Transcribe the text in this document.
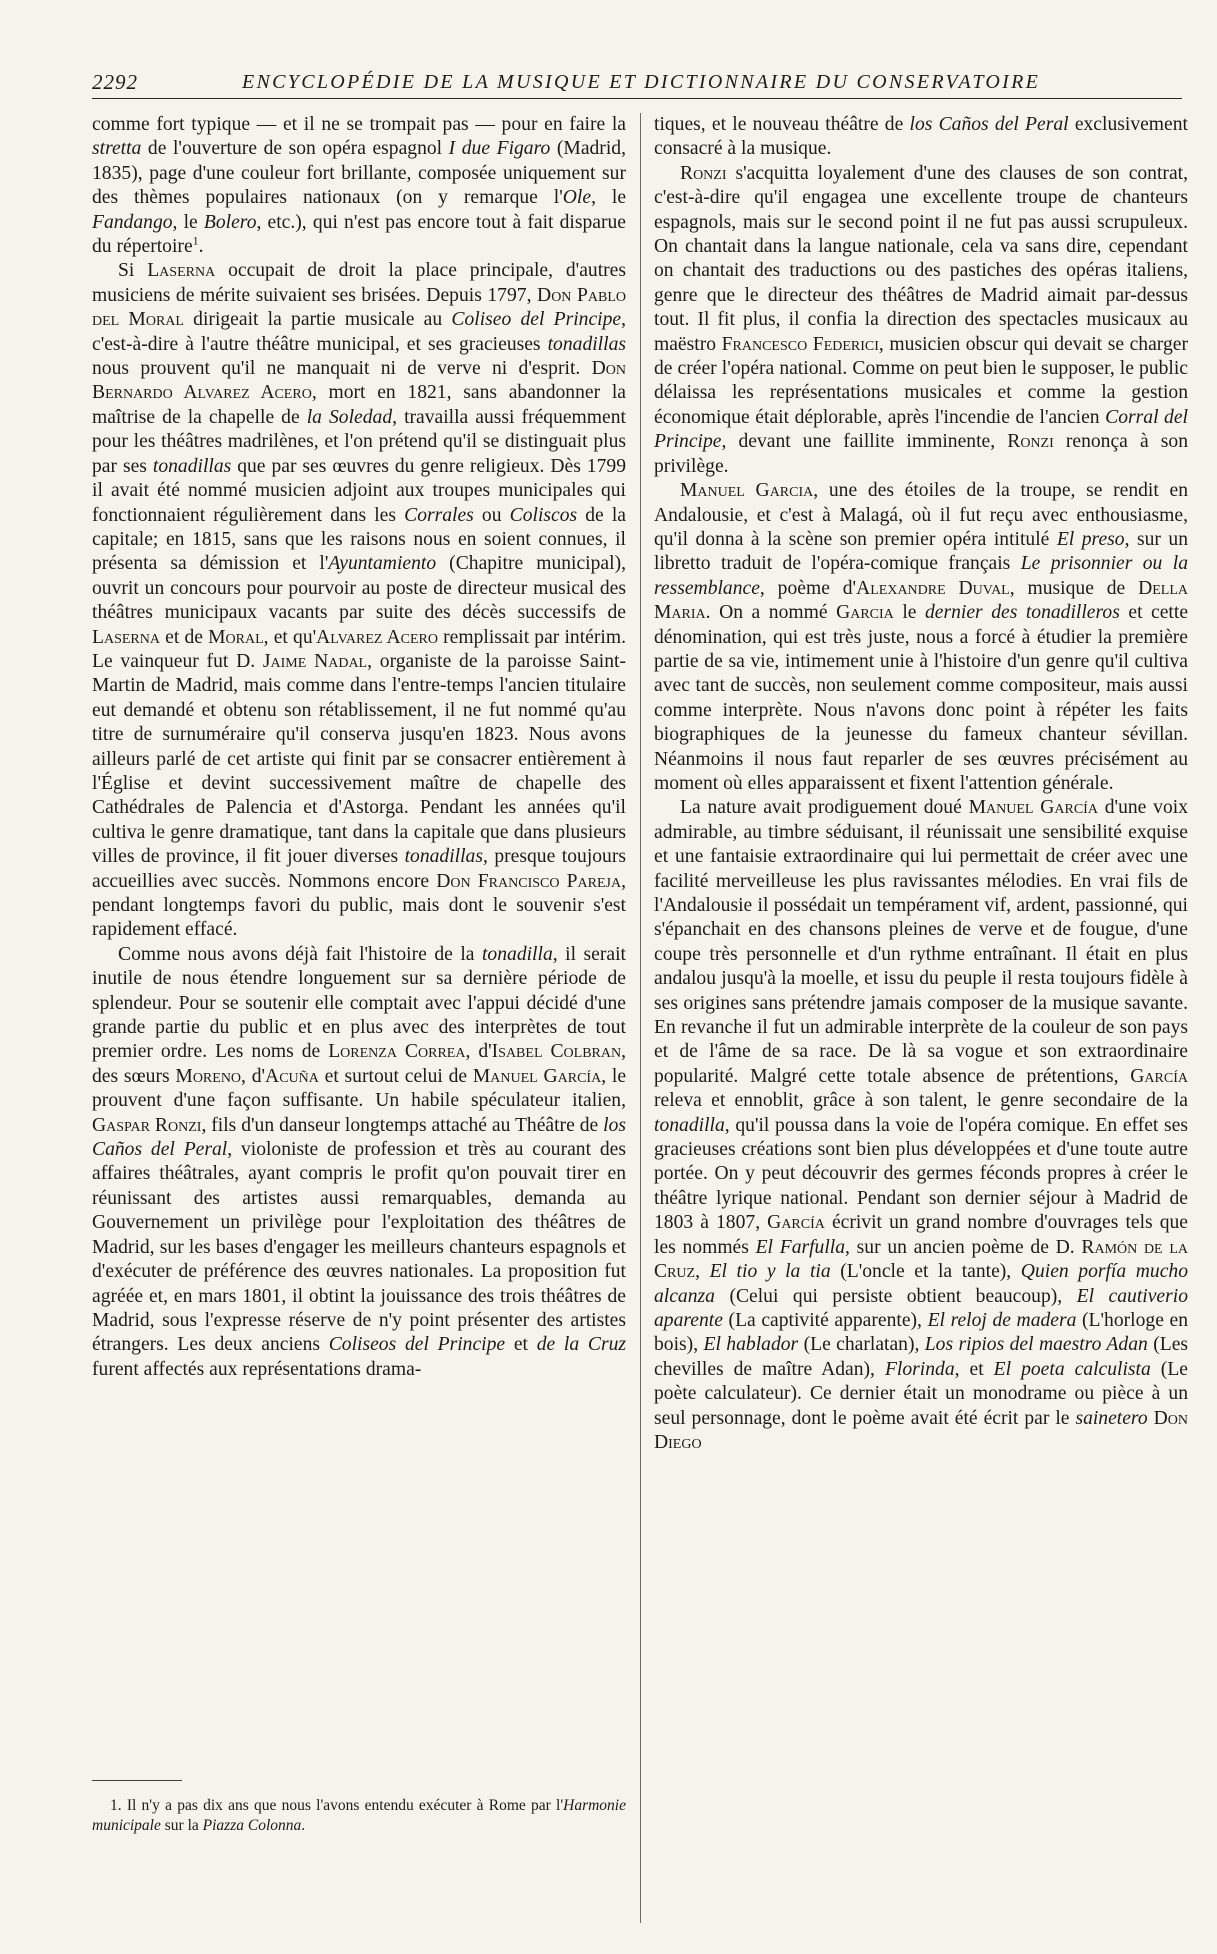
2292	ENCYCLOPÉDIE DE LA MUSIQUE ET DICTIONNAIRE DU CONSERVATOIRE

comme fort typique — et il ne se trompait pas — pour en faire la stretta de l'ouverture de son opéra espagnol I due Figaro (Madrid, 1835), page d'une couleur fort brillante, composée uniquement sur des thèmes populaires nationaux (on y remarque l'Ole, le Fandango, le Bolero, etc.), qui n'est pas encore tout à fait disparue du répertoire$^1$.

Si Laserna occupait de droit la place principale, d'autres musiciens de mérite suivaient ses brisées. Depuis 1797, Don Pablo del Moral dirigeait la partie musicale au Coliseo del Principe, c'est-à-dire à l'autre théâtre municipal, et ses gracieuses tonadillas nous prouvent qu'il ne manquait ni de verve ni d'esprit. Don Bernardo Alvarez Acero, mort en 1821, sans abandonner la maîtrise de la chapelle de la Soledad, travailla aussi fréquemment pour les théâtres madrilènes, et l'on prétend qu'il se distinguait plus par ses tonadillas que par ses œuvres du genre religieux. Dès 1799 il avait été nommé musicien adjoint aux troupes municipales qui fonctionnaient régulièrement dans les Corrales ou Coliscos de la capitale; en 1815, sans que les raisons nous en soient connues, il présenta sa démission et l'Ayuntamiento (Chapitre municipal), ouvrit un concours pour pourvoir au poste de directeur musical des théâtres municipaux vacants par suite des décès successifs de Laserna et de Moral, et qu'Alvarez Acero remplissait par intérim. Le vainqueur fut D. Jaime Nadal, organiste de la paroisse Saint-Martin de Madrid, mais comme dans l'entre-temps l'ancien titulaire eut demandé et obtenu son rétablissement, il ne fut nommé qu'au titre de surnuméraire qu'il conserva jusqu'en 1823. Nous avons ailleurs parlé de cet artiste qui finit par se consacrer entièrement à l'Église et devint successivement maître de chapelle des Cathédrales de Palencia et d'Astorga. Pendant les années qu'il cultiva le genre dramatique, tant dans la capitale que dans plusieurs villes de province, il fit jouer diverses tonadillas, presque toujours accueillies avec succès. Nommons encore Don Francisco Pareja, pendant longtemps favori du public, mais dont le souvenir s'est rapidement effacé.

Comme nous avons déjà fait l'histoire de la tonadilla, il serait inutile de nous étendre longuement sur sa dernière période de splendeur. Pour se soutenir elle comptait avec l'appui décidé d'une grande partie du public et en plus avec des interprètes de tout premier ordre. Les noms de Lorenza Correa, d'Isabel Colbran, des sœurs Moreno, d'Acuña et surtout celui de Manuel García, le prouvent d'une façon suffisante. Un habile spéculateur italien, Gaspar Ronzi, fils d'un danseur longtemps attaché au Théâtre de los Caños del Peral, violoniste de profession et très au courant des affaires théâtrales, ayant compris le profit qu'on pouvait tirer en réunissant des artistes aussi remarquables, demanda au Gouvernement un privilège pour l'exploitation des théâtres de Madrid, sur les bases d'engager les meilleurs chanteurs espagnols et d'exécuter de préférence des œuvres nationales. La proposition fut agréée et, en mars 1801, il obtint la jouissance des trois théâtres de Madrid, sous l'expresse réserve de n'y point présenter des artistes étrangers. Les deux anciens Coliseos del Principe et de la Cruz furent affectés aux représentations drama-

1. Il n'y a pas dix ans que nous l'avons entendu exécuter à Rome par l'Harmonie municipale sur la Piazza Colonna.

tiques, et le nouveau théâtre de los Caños del Peral exclusivement consacré à la musique.

Ronzi s'acquitta loyalement d'une des clauses de son contrat, c'est-à-dire qu'il engagea une excellente troupe de chanteurs espagnols, mais sur le second point il ne fut pas aussi scrupuleux. On chantait dans la langue nationale, cela va sans dire, cependant on chantait des traductions ou des pastiches des opéras italiens, genre que le directeur des théâtres de Madrid aimait par-dessus tout. Il fit plus, il confia la direction des spectacles musicaux au maëstro Francesco Federici, musicien obscur qui devait se charger de créer l'opéra national. Comme on peut bien le supposer, le public délaissa les représentations musicales et comme la gestion économique était déplorable, après l'incendie de l'ancien Corral del Principe, devant une faillite imminente, Ronzi renonça à son privilège.

Manuel Garcia, une des étoiles de la troupe, se rendit en Andalousie, et c'est à Malagá, où il fut reçu avec enthousiasme, qu'il donna à la scène son premier opéra intitulé El preso, sur un libretto traduit de l'opéra-comique français Le prisonnier ou la ressemblance, poème d'Alexandre Duval, musique de Della Maria. On a nommé Garcia le dernier des tonadilleros et cette dénomination, qui est très juste, nous a forcé à étudier la première partie de sa vie, intimement unie à l'histoire d'un genre qu'il cultiva avec tant de succès, non seulement comme compositeur, mais aussi comme interprète. Nous n'avons donc point à répéter les faits biographiques de la jeunesse du fameux chanteur sévillan. Néanmoins il nous faut reparler de ses œuvres précisément au moment où elles apparaissent et fixent l'attention générale.

La nature avait prodiguement doué Manuel García d'une voix admirable, au timbre séduisant, il réunissait une sensibilité exquise et une fantaisie extraordinaire qui lui permettait de créer avec une facilité merveilleuse les plus ravissantes mélodies. En vrai fils de l'Andalousie il possédait un tempérament vif, ardent, passionné, qui s'épanchait en des chansons pleines de verve et de fougue, d'une coupe très personnelle et d'un rythme entraînant. Il était en plus andalou jusqu'à la moelle, et issu du peuple il resta toujours fidèle à ses origines sans prétendre jamais composer de la musique savante. En revanche il fut un admirable interprète de la couleur de son pays et de l'âme de sa race. De là sa vogue et son extraordinaire popularité. Malgré cette totale absence de prétentions, García releva et ennoblit, grâce à son talent, le genre secondaire de la tonadilla, qu'il poussa dans la voie de l'opéra comique. En effet ses gracieuses créations sont bien plus développées et d'une toute autre portée. On y peut découvrir des germes féconds propres à créer le théâtre lyrique national. Pendant son dernier séjour à Madrid de 1803 à 1807, García écrivit un grand nombre d'ouvrages tels que les nommés El Farfulla, sur un ancien poème de D. Ramón de la Cruz, El tio y la tia (L'oncle et la tante), Quien porfía mucho alcanza (Celui qui persiste obtient beaucoup), El cautiverio aparente (La captivité apparente), El reloj de madera (L'horloge en bois), El hablador (Le charlatan), Los ripios del maestro Adan (Les chevilles de maître Adan), Florinda, et El poeta calculista (Le poète calculateur). Ce dernier était un monodrame ou pièce à un seul personnage, dont le poème avait été écrit par le sainetero Don Diego
